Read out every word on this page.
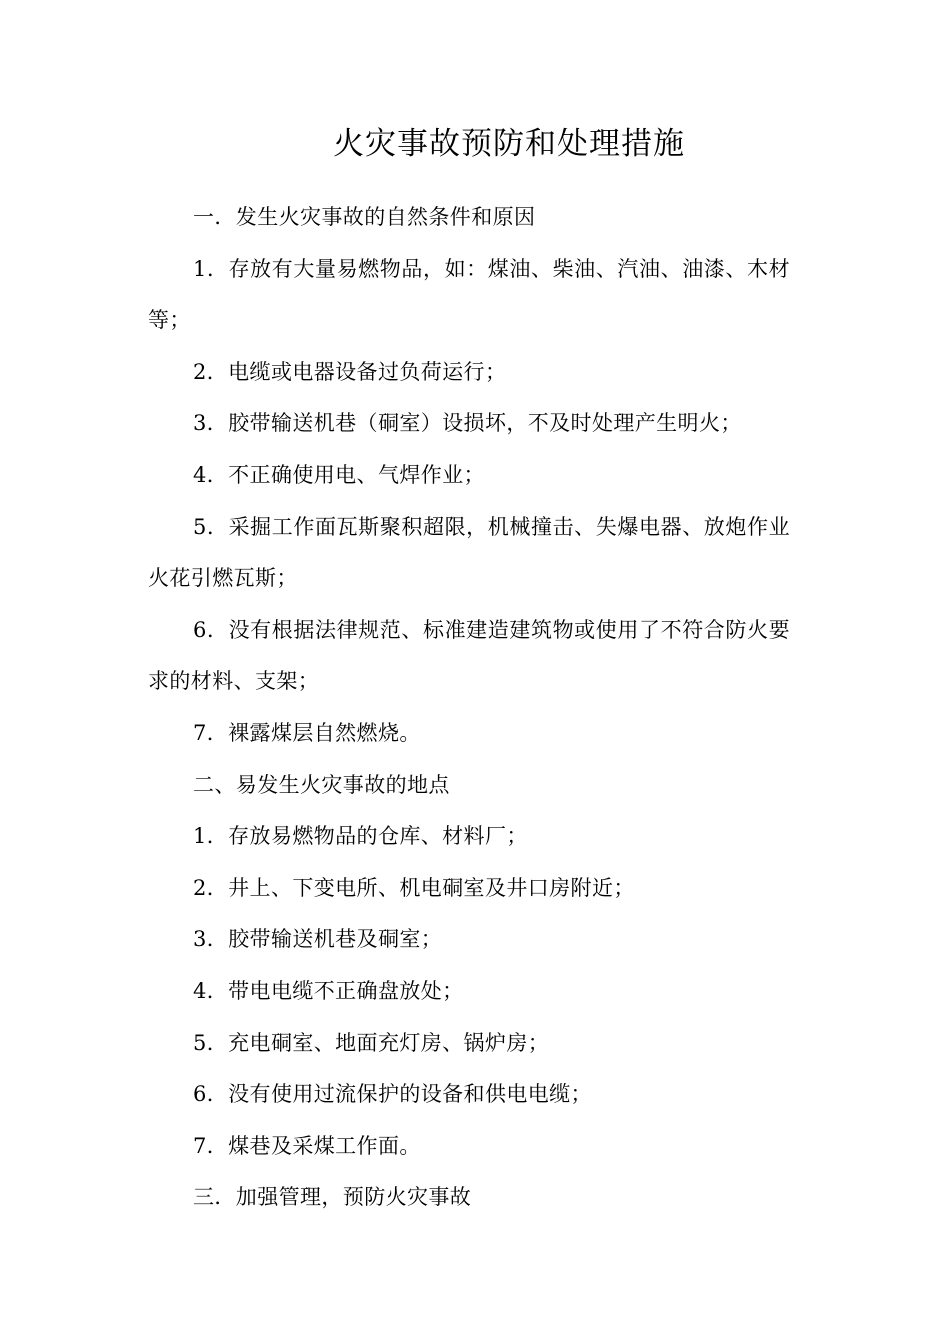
火灾事故预防和处理措施

一．发生火灾事故的自然条件和原因

1．存放有大量易燃物品，如：煤油、柴油、汽油、油漆、木材等；

2．电缆或电器设备过负荷运行；

3．胶带输送机巷（硐室）设损坏，不及时处理产生明火；

4．不正确使用电、气焊作业；

5．采掘工作面瓦斯聚积超限，机械撞击、失爆电器、放炮作业火花引燃瓦斯；

6．没有根据法律规范、标准建造建筑物或使用了不符合防火要求的材料、支架；

7．裸露煤层自然燃烧。

二、易发生火灾事故的地点

1．存放易燃物品的仓库、材料厂；

2．井上、下变电所、机电硐室及井口房附近；

3．胶带输送机巷及硐室；

4．带电电缆不正确盘放处；

5．充电硐室、地面充灯房、锅炉房；

6．没有使用过流保护的设备和供电电缆；

7．煤巷及采煤工作面。

三．加强管理，预防火灾事故
